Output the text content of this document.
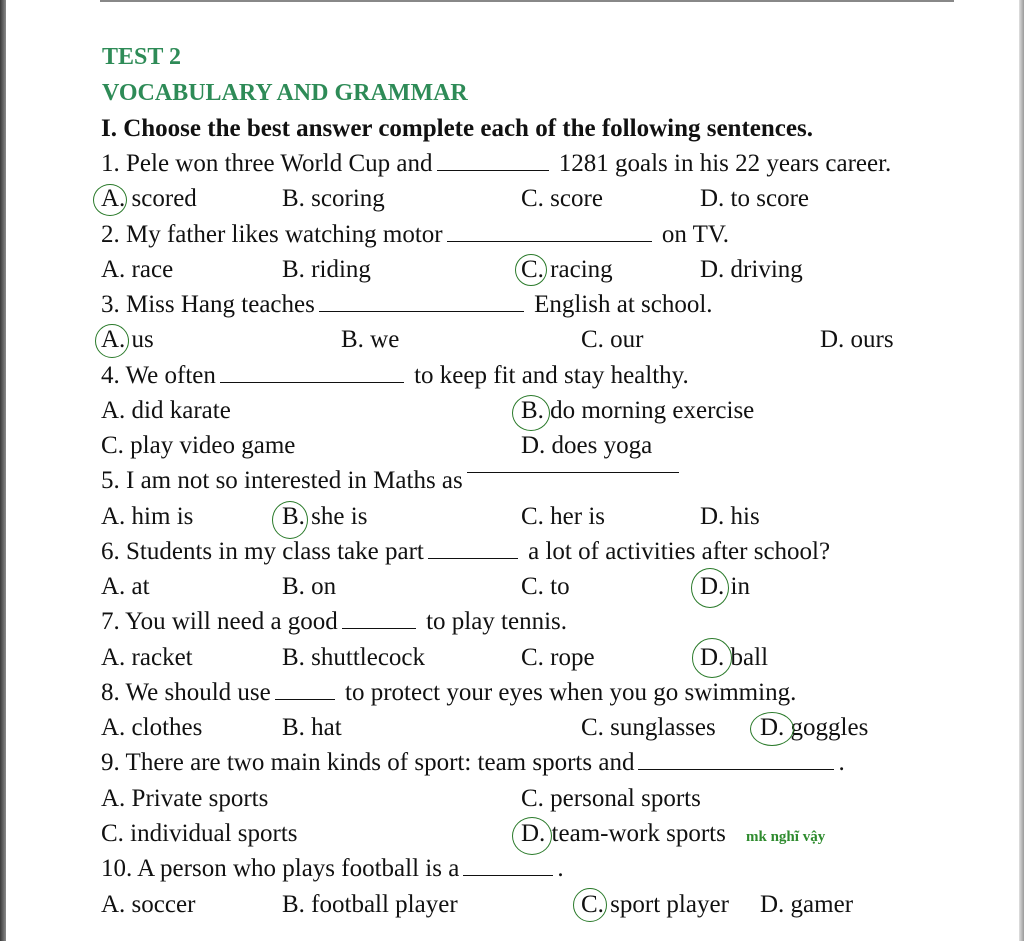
TEST 2
VOCABULARY AND GRAMMAR
I. Choose the best answer complete each of the following sentences.
1. Pele won three World Cup and	1281 goals in his 22 years career.
A. scored	B. scoring	C. score	D. to score
2. My father likes watching motor	on TV.
A. race	B. riding	C. racing	D. driving
3. Miss Hang teaches	English at school.
A. us	B. we	C. our	D. ours
4. We often	to keep fit and stay healthy.
A. did karate	B. do morning exercise
C. play video game	D. does yoga
5. I am not so interested in Maths as
A. him is	B. she is	C. her is	D. his
6. Students in my class take part	a lot of activities after school?
A. at	B. on	C. to	D. in
7. You will need a good	to play tennis.
A. racket	B. shuttlecock	C. rope	D. ball
8. We should use	to protect your eyes when you go swimming.
A. clothes	B. hat	C. sunglasses D. goggles
9. There are two main kinds of sport: team sports and	.
A. Private sports	C. personal sports
C. individual sports	D. team-work sports mk nghĩ vậy
10. A person who plays football is a	.
A. soccer	B. football player	C. sport player D. gamer
